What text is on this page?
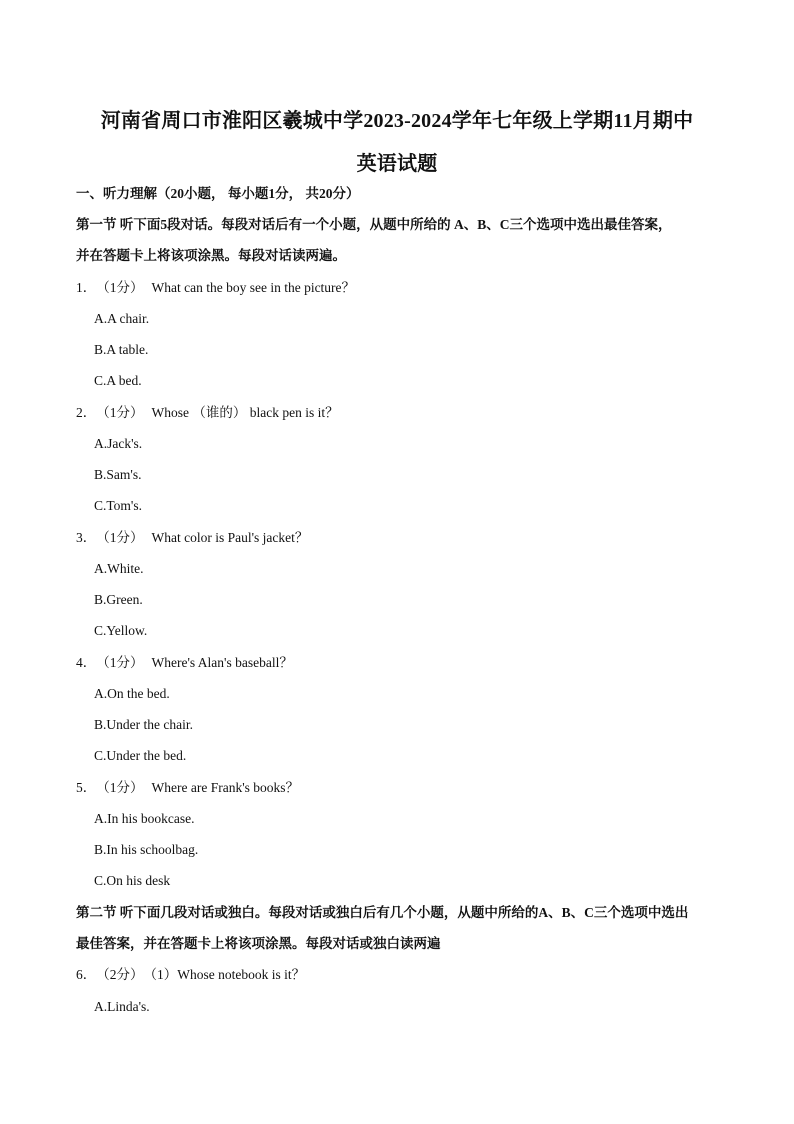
河南省周口市淮阳区羲城中学2023-2024学年七年级上学期11月期中
英语试题
一、听力理解（20小题， 每小题1分， 共20分）
第一节 听下面5段对话。每段对话后有一个小题，从题中所给的 A、B、C三个选项中选出最佳答案，
并在答题卡上将该项涂黑。每段对话读两遍。
1．（1分） What can the boy see in the picture？
A.A chair.
B.A table.
C.A bed.
2．（1分） Whose （谁的） black pen is it？
A.Jack's.
B.Sam's.
C.Tom's.
3．（1分） What color is Paul's jacket？
A.White.
B.Green.
C.Yellow.
4．（1分） Where's Alan's baseball？
A.On the bed.
B.Under the chair.
C.Under the bed.
5．（1分） Where are Frank's books？
A.In his bookcase.
B.In his schoolbag.
C.On his desk
第二节 听下面几段对话或独白。每段对话或独白后有几个小题，从题中所给的A、B、C三个选项中选出
最佳答案，并在答题卡上将该项涂黑。每段对话或独白读两遍
6．（2分）（1）Whose notebook is it？
A.Linda's.
